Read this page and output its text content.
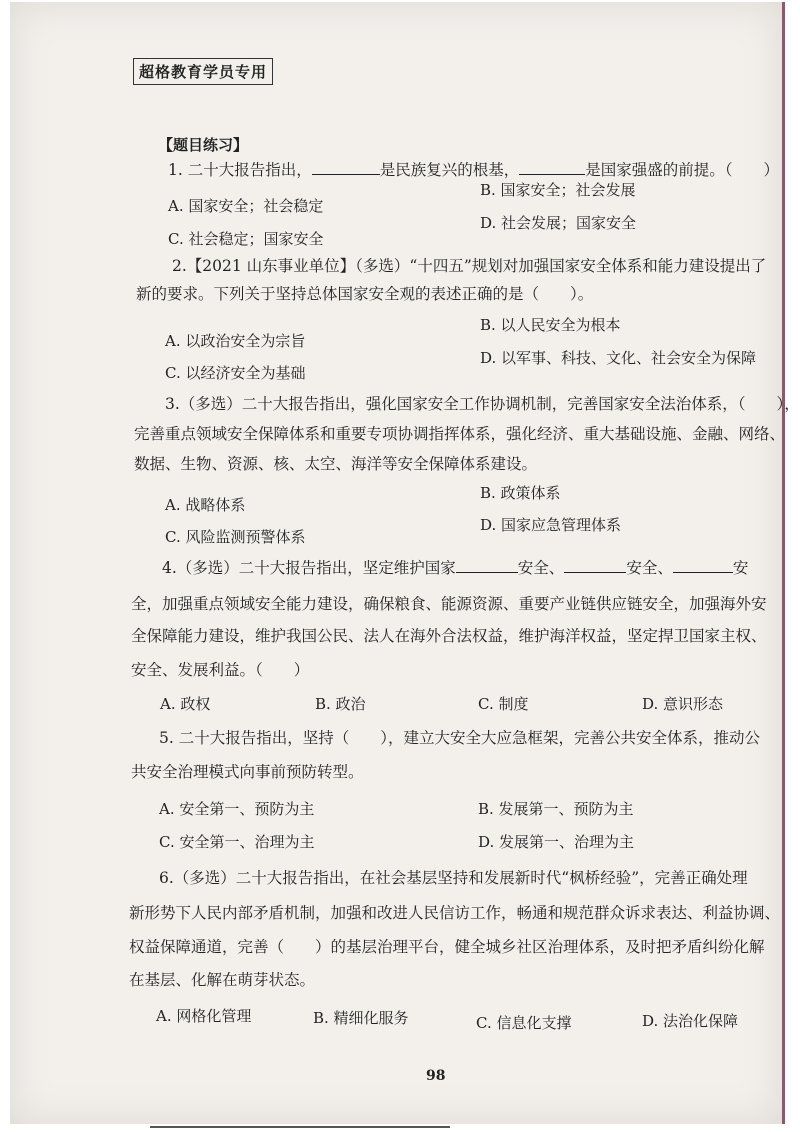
超格教育学员专用
【题目练习】
1. 二十大报告指出，	是民族复兴的根基，	是国家强盛的前提。（　　）
A. 国家安全；社会稳定
B. 国家安全；社会发展
C. 社会稳定；国家安全
D. 社会发展；国家安全
2.【2021 山东事业单位】（多选）“十四五”规划对加强国家安全体系和能力建设提出了
新的要求。下列关于坚持总体国家安全观的表述正确的是（　　）。
A. 以政治安全为宗旨
B. 以人民安全为根本
C. 以经济安全为基础
D. 以军事、科技、文化、社会安全为保障
3.（多选）二十大报告指出，强化国家安全工作协调机制，完善国家安全法治体系，（　　），
完善重点领域安全保障体系和重要专项协调指挥体系，强化经济、重大基础设施、金融、网络、
数据、生物、资源、核、太空、海洋等安全保障体系建设。
A. 战略体系
B. 政策体系
C. 风险监测预警体系
D. 国家应急管理体系
4.（多选）二十大报告指出，坚定维护国家	安全、	安全、	安
全，加强重点领域安全能力建设，确保粮食、能源资源、重要产业链供应链安全，加强海外安
全保障能力建设，维护我国公民、法人在海外合法权益，维护海洋权益，坚定捍卫国家主权、
安全、发展利益。（　　）
A. 政权	B. 政治	C. 制度	D. 意识形态
5. 二十大报告指出，坚持（　　），建立大安全大应急框架，完善公共安全体系，推动公
共安全治理模式向事前预防转型。
A. 安全第一、预防为主	B. 发展第一、预防为主
C. 安全第一、治理为主	D. 发展第一、治理为主
6.（多选）二十大报告指出，在社会基层坚持和发展新时代“枫桥经验”，完善正确处理
新形势下人民内部矛盾机制，加强和改进人民信访工作，畅通和规范群众诉求表达、利益协调、
权益保障通道，完善（　　）的基层治理平台，健全城乡社区治理体系，及时把矛盾纠纷化解
在基层、化解在萌芽状态。
A. 网格化管理	B. 精细化服务	C. 信息化支撑	D. 法治化保障
98
